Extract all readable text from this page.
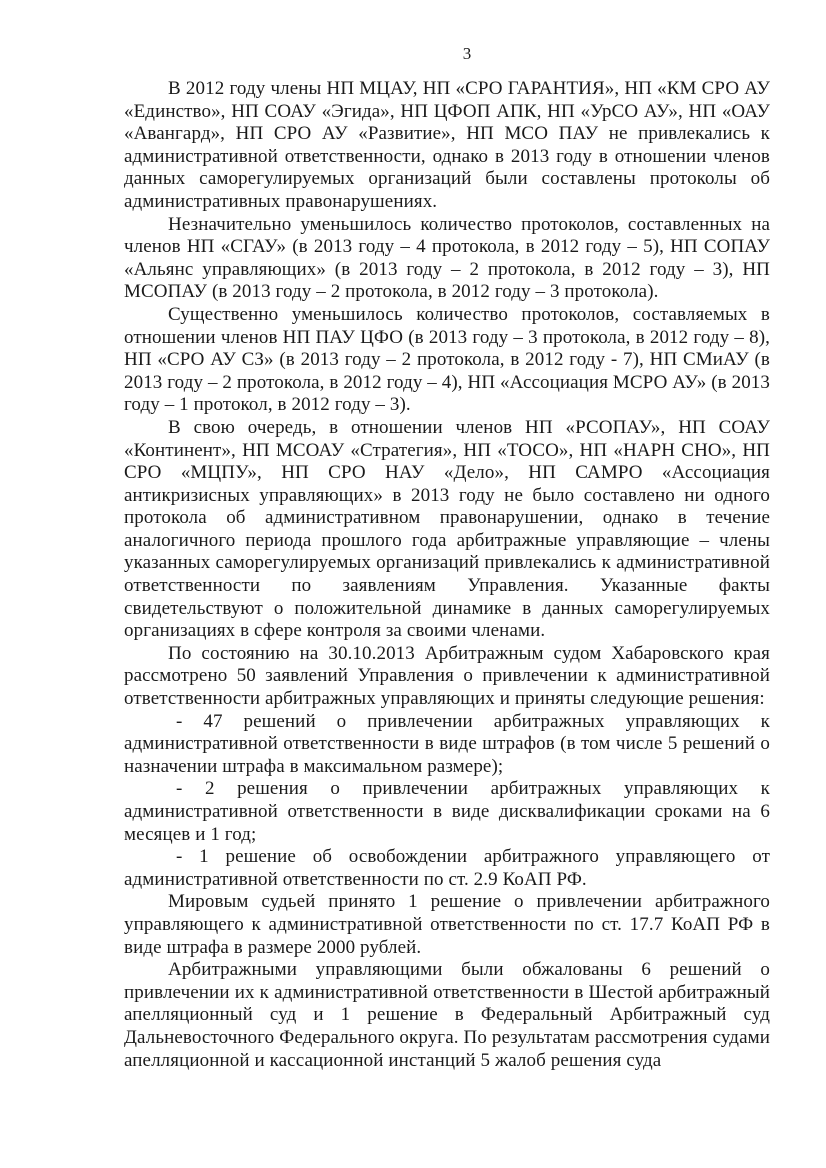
3

В 2012 году члены НП МЦАУ, НП «СРО ГАРАНТИЯ», НП «КМ СРО АУ «Единство», НП СОАУ «Эгида», НП ЦФОП АПК, НП «УрСО АУ», НП «ОАУ «Авангард», НП СРО АУ «Развитие», НП МСО ПАУ не привлекались к административной ответственности, однако в 2013 году в отношении членов данных саморегулируемых организаций были составлены протоколы об административных правонарушениях.

Незначительно уменьшилось количество протоколов, составленных на членов НП «СГАУ» (в 2013 году – 4 протокола, в 2012 году – 5), НП СОПАУ «Альянс управляющих» (в 2013 году – 2 протокола, в 2012 году – 3), НП МСОПАУ (в 2013 году – 2 протокола, в 2012 году – 3 протокола).

Существенно уменьшилось количество протоколов, составляемых в отношении членов НП ПАУ ЦФО (в 2013 году – 3 протокола, в 2012 году – 8), НП «СРО АУ СЗ» (в 2013 году – 2 протокола, в 2012 году - 7), НП СМиАУ (в 2013 году – 2 протокола, в 2012 году – 4), НП «Ассоциация МСРО АУ» (в 2013 году – 1 протокол, в 2012 году – 3).

В свою очередь, в отношении членов НП «РСОПАУ», НП СОАУ «Континент», НП МСОАУ «Стратегия», НП «ТОСО», НП «НАРН СНО», НП СРО «МЦПУ», НП СРО НАУ «Дело», НП САМРО «Ассоциация антикризисных управляющих» в 2013 году не было составлено ни одного протокола об административном правонарушении, однако в течение аналогичного периода прошлого года арбитражные управляющие – члены указанных саморегулируемых организаций привлекались к административной ответственности по заявлениям Управления. Указанные факты свидетельствуют о положительной динамике в данных саморегулируемых организациях в сфере контроля за своими членами.

По состоянию на 30.10.2013 Арбитражным судом Хабаровского края рассмотрено 50 заявлений Управления о привлечении к административной ответственности арбитражных управляющих и приняты следующие решения:

- 47 решений о привлечении арбитражных управляющих к административной ответственности в виде штрафов (в том числе 5 решений о назначении штрафа в максимальном размере);

- 2 решения о привлечении арбитражных управляющих к административной ответственности в виде дисквалификации сроками на 6 месяцев и 1 год;

- 1 решение об освобождении арбитражного управляющего от административной ответственности по ст. 2.9 КоАП РФ.

Мировым судьей принято 1 решение о привлечении арбитражного управляющего к административной ответственности по ст. 17.7 КоАП РФ в виде штрафа в размере 2000 рублей.

Арбитражными управляющими были обжалованы 6 решений о привлечении их к административной ответственности в Шестой арбитражный апелляционный суд и 1 решение в Федеральный Арбитражный суд Дальневосточного Федерального округа. По результатам рассмотрения судами апелляционной и кассационной инстанций 5 жалоб решения суда
